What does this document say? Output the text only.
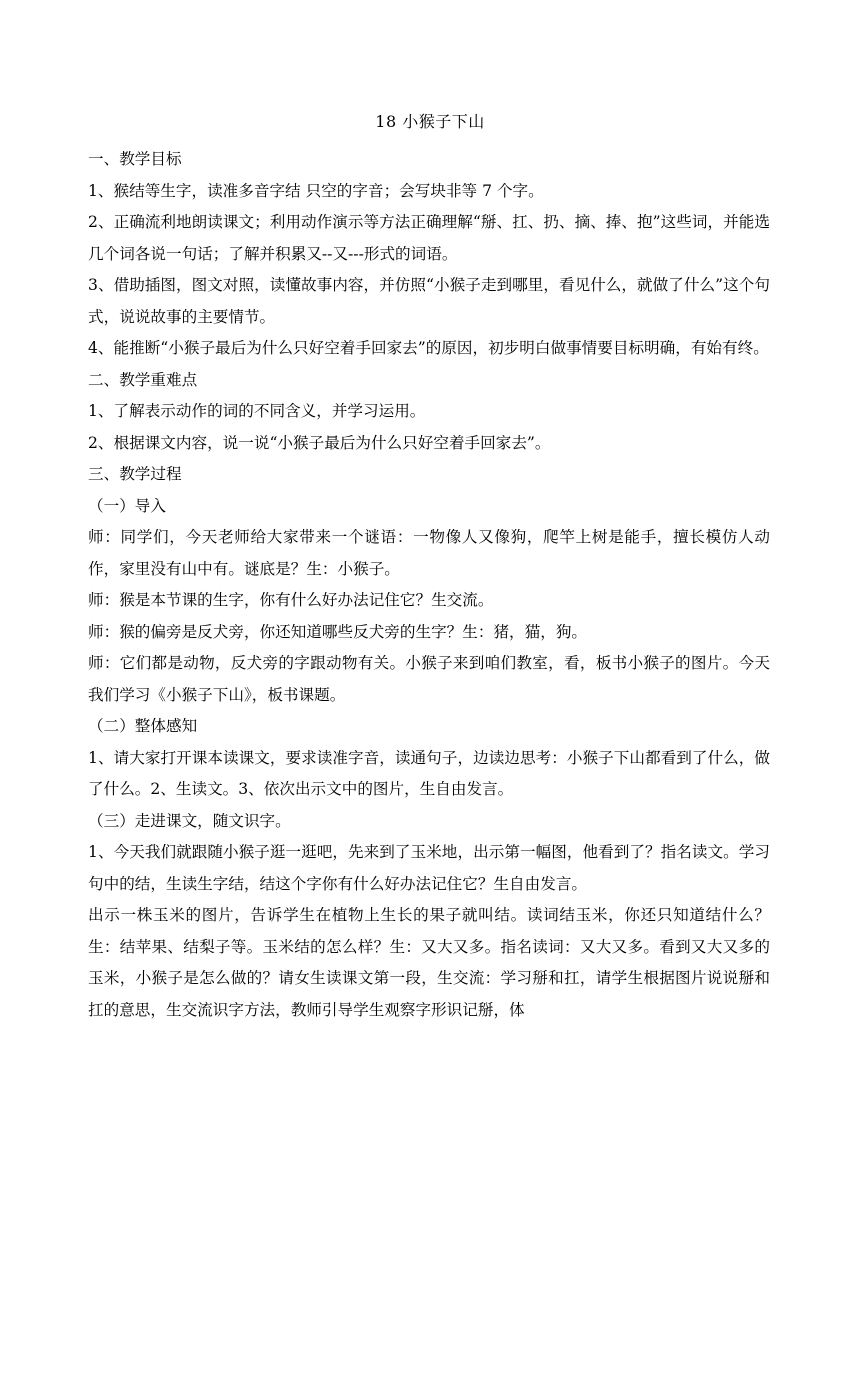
18 小猴子下山

一、教学目标

1、猴结等生字，读准多音字结 只空的字音；会写块非等 7 个字。

2、正确流利地朗读课文；利用动作演示等方法正确理解“掰、扛、扔、摘、捧、抱”这些词，并能选几个词各说一句话；了解并积累又--又---形式的词语。

3、借助插图，图文对照，读懂故事内容，并仿照“小猴子走到哪里，看见什么，就做了什么”这个句式，说说故事的主要情节。

4、能推断“小猴子最后为什么只好空着手回家去”的原因，初步明白做事情要目标明确，有始有终。

二、教学重难点

1、了解表示动作的词的不同含义，并学习运用。

2、根据课文内容，说一说“小猴子最后为什么只好空着手回家去”。

三、教学过程

（一）导入

师：同学们，今天老师给大家带来一个谜语：一物像人又像狗，爬竿上树是能手，擅长模仿人动作，家里没有山中有。谜底是？生：小猴子。

师：猴是本节课的生字，你有什么好办法记住它？生交流。

师：猴的偏旁是反犬旁，你还知道哪些反犬旁的生字？生：猪，猫，狗。

师：它们都是动物，反犬旁的字跟动物有关。小猴子来到咱们教室，看，板书小猴子的图片。今天我们学习《小猴子下山》，板书课题。

（二）整体感知

1、请大家打开课本读课文，要求读准字音，读通句子，边读边思考：小猴子下山都看到了什么，做了什么。2、生读文。3、依次出示文中的图片，生自由发言。

（三）走进课文，随文识字。

1、今天我们就跟随小猴子逛一逛吧，先来到了玉米地，出示第一幅图，他看到了？指名读文。学习句中的结，生读生字结，结这个字你有什么好办法记住它？生自由发言。

出示一株玉米的图片，告诉学生在植物上生长的果子就叫结。读词结玉米，你还只知道结什么？生：结苹果、结梨子等。玉米结的怎么样？生：又大又多。指名读词：又大又多。看到又大又多的玉米，小猴子是怎么做的？请女生读课文第一段，生交流：学习掰和扛，请学生根据图片说说掰和扛的意思，生交流识字方法，教师引导学生观察字形识记掰，体
